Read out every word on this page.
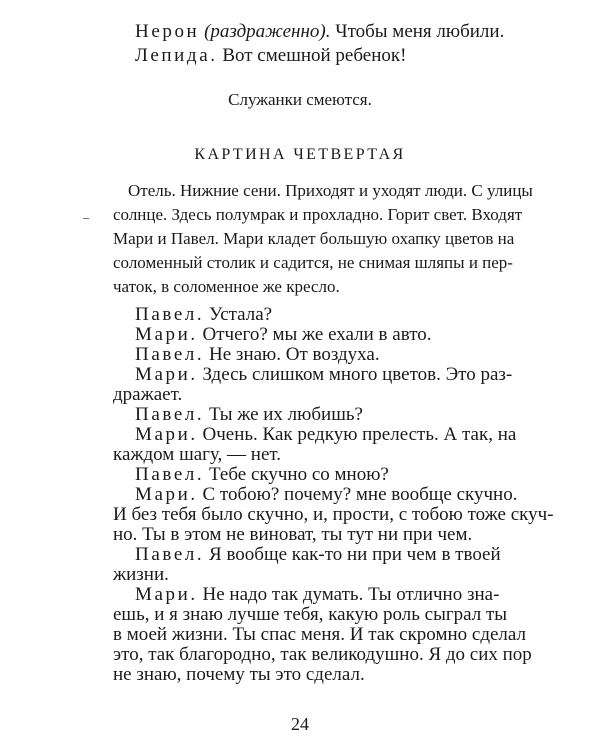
Нерон (раздраженно). Чтобы меня любили.
Лепида. Вот смешной ребенок!
Служанки смеются.
КАРТИНА ЧЕТВЕРТАЯ
Отель. Нижние сени. Приходят и уходят люди. С улицы
солнце. Здесь полумрак и прохладно. Горит свет. Входят
Мари и Павел. Мари кладет большую охапку цветов на
соломенный столик и садится, не снимая шляпы и пер-
чаток, в соломенное же кресло.
Павел. Устала?
Мари. Отчего? мы же ехали в авто.
Павел. Не знаю. От воздуха.
Мари. Здесь слишком много цветов. Это раз-
дражает.
Павел. Ты же их любишь?
Мари. Очень. Как редкую прелесть. А так, на
каждом шагу, — нет.
Павел. Тебе скучно со мною?
Мари. С тобою? почему? мне вообще скучно.
И без тебя было скучно, и, прости, с тобою тоже скуч-
но. Ты в этом не виноват, ты тут ни при чем.
Павел. Я вообще как-то ни при чем в твоей
жизни.
Мари. Не надо так думать. Ты отлично зна-
ешь, и я знаю лучше тебя, какую роль сыграл ты
в моей жизни. Ты спас меня. И так скромно сделал
это, так благородно, так великодушно. Я до сих пор
не знаю, почему ты это сделал.
24
